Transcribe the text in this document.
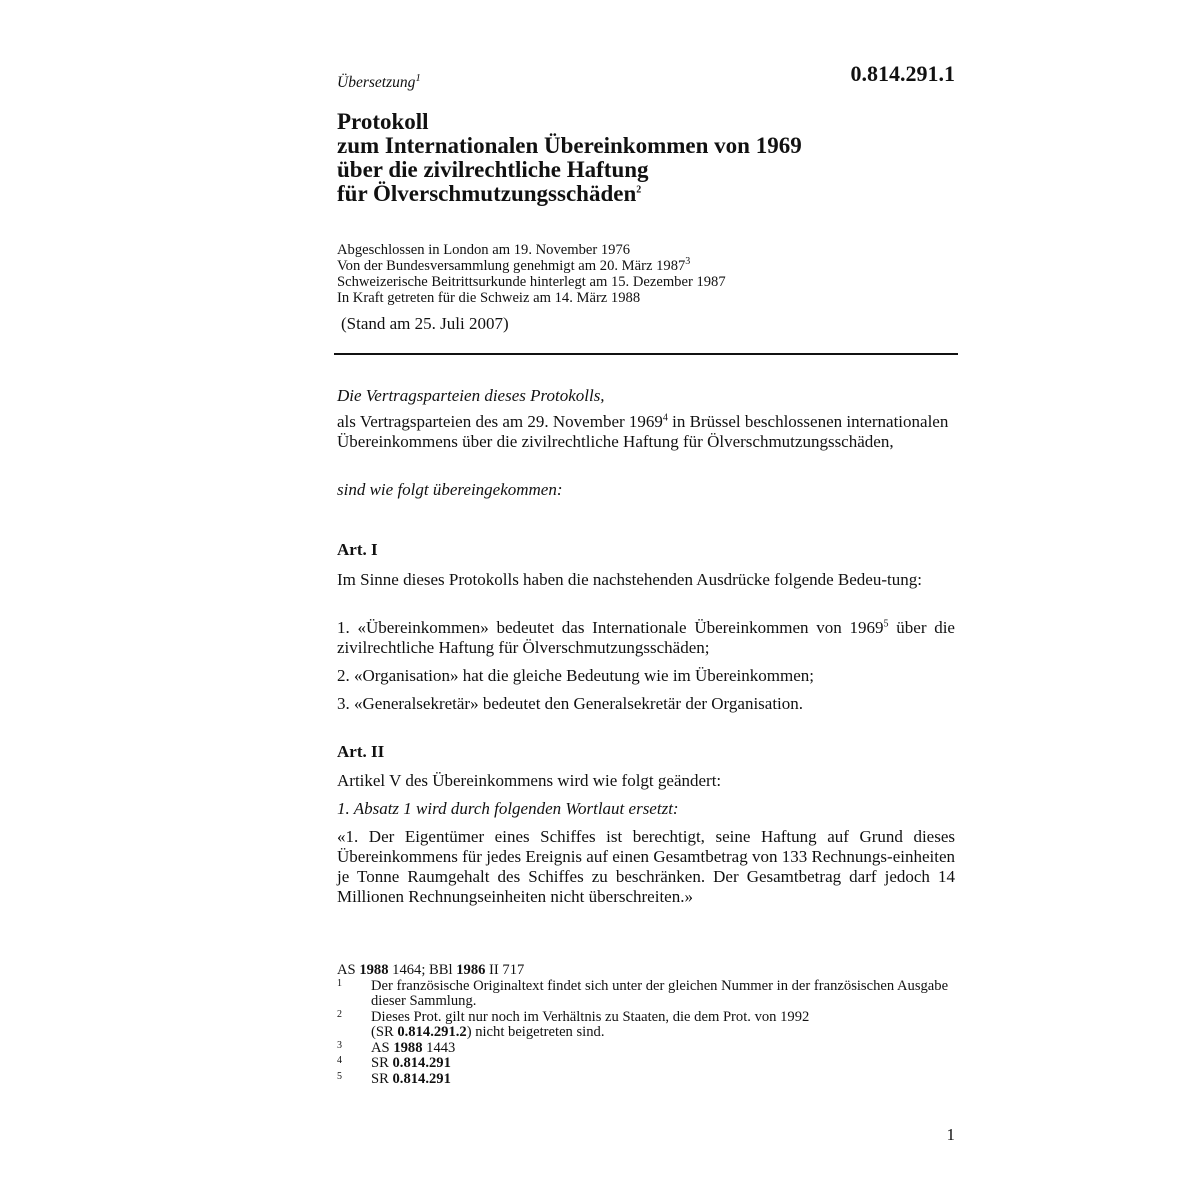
Übersetzung$^1$	0.814.291.1
Protokoll
zum Internationalen Übereinkommen von 1969
über die zivilrechtliche Haftung
für Ölverschmutzungsschäden$^2$
Abgeschlossen in London am 19. November 1976
Von der Bundesversammlung genehmigt am 20. März 1987$^3$
Schweizerische Beitrittsurkunde hinterlegt am 15. Dezember 1987
In Kraft getreten für die Schweiz am 14. März 1988
(Stand am 25. Juli 2007)
Die Vertragsparteien dieses Protokolls,
als Vertragsparteien des am 29. November 1969$^4$ in Brüssel beschlossenen internationalen Übereinkommens über die zivilrechtliche Haftung für Ölverschmutzungsschäden,
sind wie folgt übereingekommen:
Art. I
Im Sinne dieses Protokolls haben die nachstehenden Ausdrücke folgende Bedeu-tung:
1. «Übereinkommen» bedeutet das Internationale Übereinkommen von 1969$^5$ über die zivilrechtliche Haftung für Ölverschmutzungsschäden;
2. «Organisation» hat die gleiche Bedeutung wie im Übereinkommen;
3. «Generalsekretär» bedeutet den Generalsekretär der Organisation.
Art. II
Artikel V des Übereinkommens wird wie folgt geändert:
1. Absatz 1 wird durch folgenden Wortlaut ersetzt:
«1. Der Eigentümer eines Schiffes ist berechtigt, seine Haftung auf Grund dieses Übereinkommens für jedes Ereignis auf einen Gesamtbetrag von 133 Rechnungs-einheiten je Tonne Raumgehalt des Schiffes zu beschränken. Der Gesamtbetrag darf jedoch 14 Millionen Rechnungseinheiten nicht überschreiten.»
AS 1988 1464; BBl 1986 II 717
1 Der französische Originaltext findet sich unter der gleichen Nummer in der französischen Ausgabe dieser Sammlung.
2 Dieses Prot. gilt nur noch im Verhältnis zu Staaten, die dem Prot. von 1992
(SR 0.814.291.2) nicht beigetreten sind.
3 AS 1988 1443
4 SR 0.814.291
5 SR 0.814.291
1
